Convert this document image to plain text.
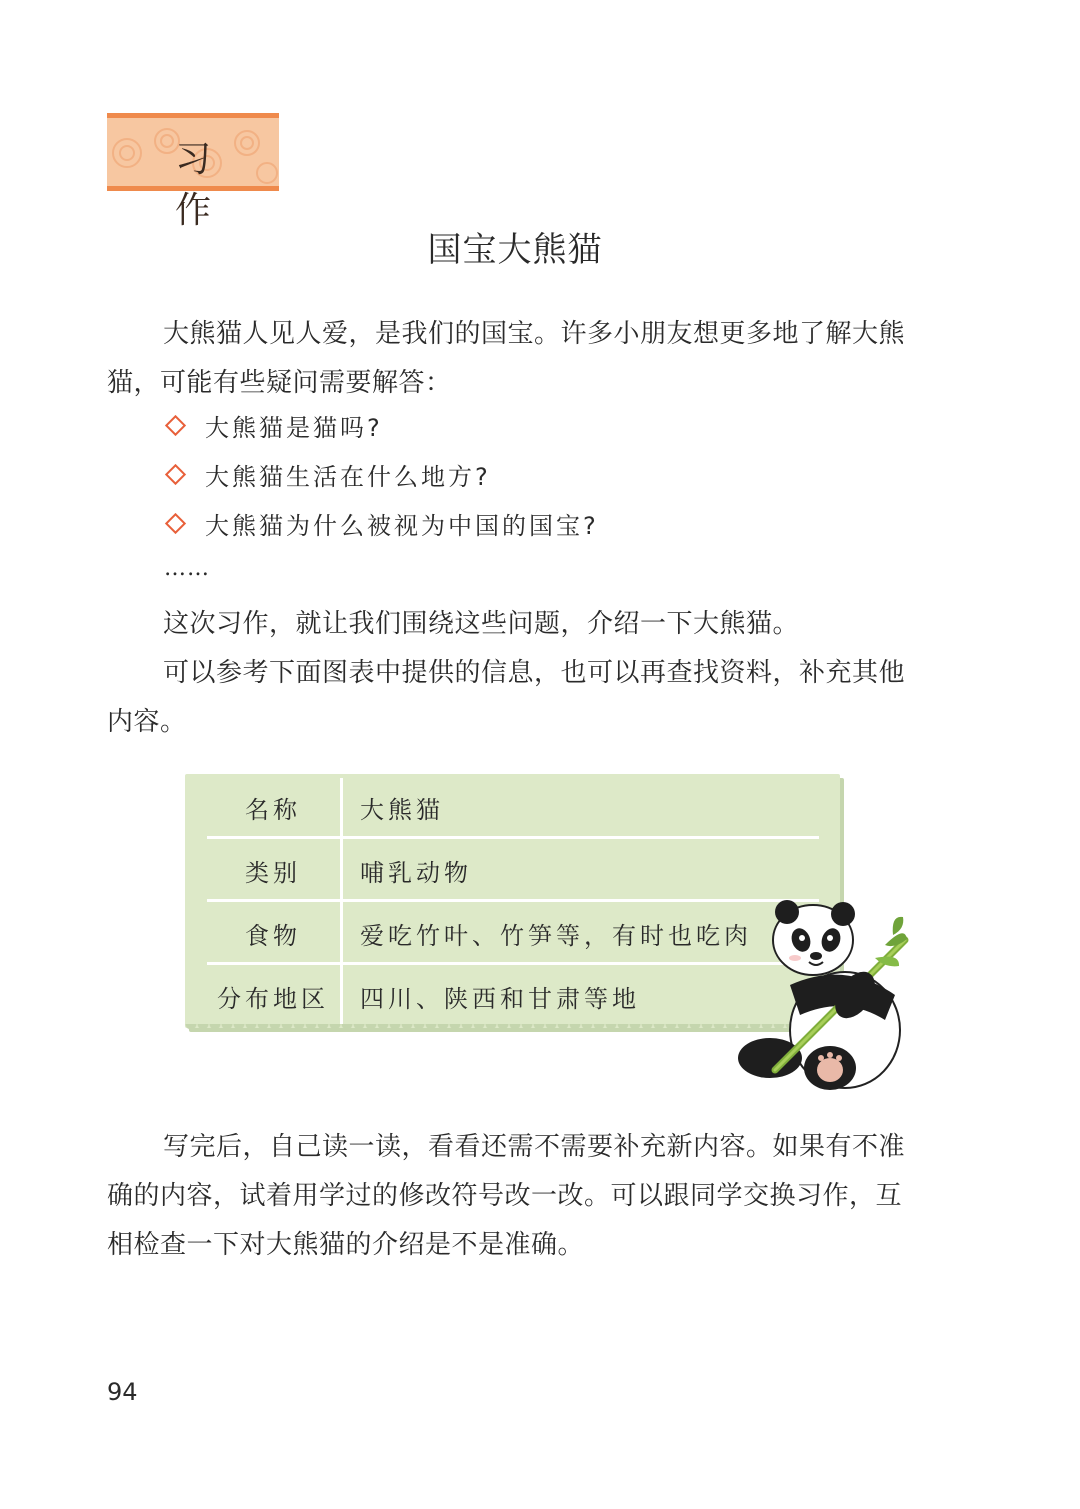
习 作
国宝大熊猫

大熊猫人见人爱，是我们的国宝。许多小朋友想更多地了解大熊猫，可能有些疑问需要解答：

大熊猫是猫吗?
大熊猫生活在什么地方?
大熊猫为什么被视为中国的国宝?
……

这次习作，就让我们围绕这些问题，介绍一下大熊猫。

可以参考下面图表中提供的信息，也可以再查找资料，补充其他内容。

名称	大熊猫
类别	哺乳动物
食物	爱吃竹叶、竹笋等，有时也吃肉
分布地区	四川、陕西和甘肃等地

写完后，自己读一读，看看还需不需要补充新内容。如果有不准确的内容，试着用学过的修改符号改一改。可以跟同学交换习作，互相检查一下对大熊猫的介绍是不是准确。

94
